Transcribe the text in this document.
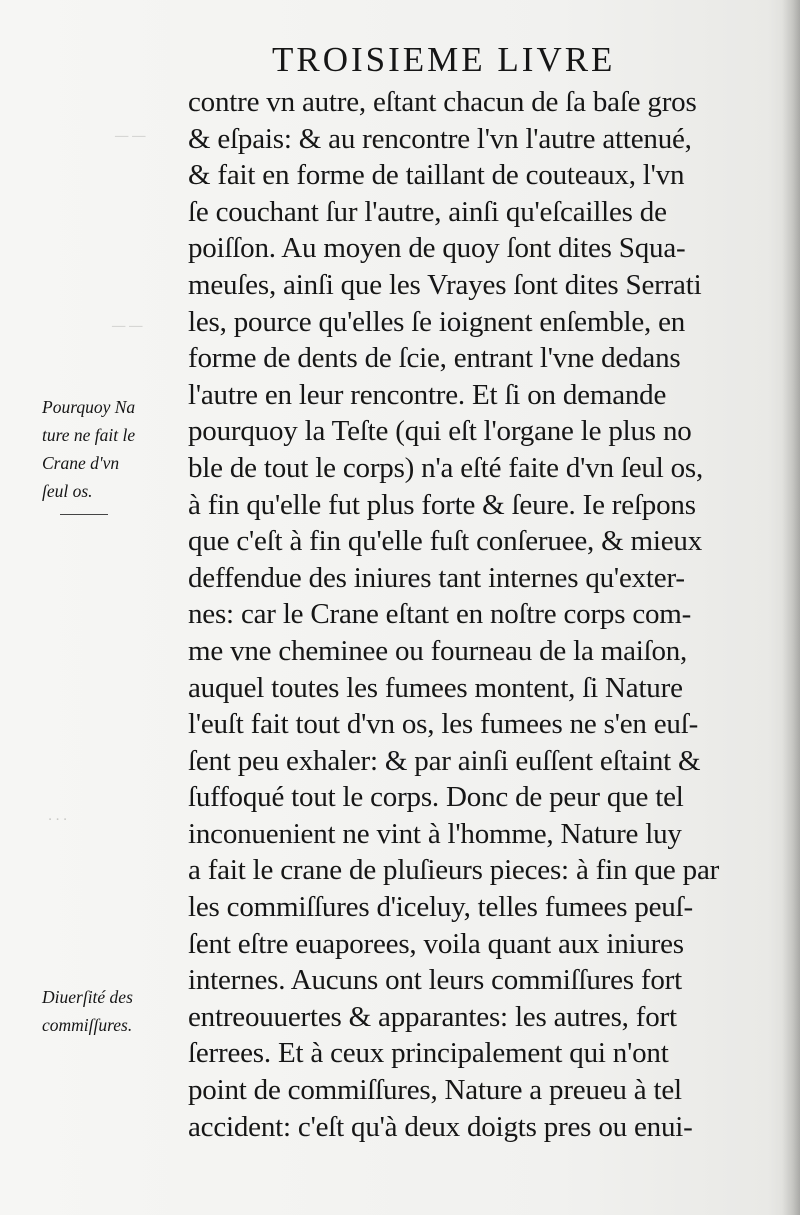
— —
— —
· · ·
TROISIEME LIVRE
contre vn autre, eſtant chacun de ſa baſe gros
& eſpais: & au rencontre l'vn l'autre attenué,
& fait en forme de taillant de couteaux, l'vn
ſe couchant ſur l'autre, ainſi qu'eſcailles de
poiſſon. Au moyen de quoy ſont dites Squa-
meuſes, ainſi que les Vrayes ſont dites Serrati
les, pource qu'elles ſe ioignent enſemble, en
forme de dents de ſcie, entrant l'vne dedans
l'autre en leur rencontre. Et ſi on demande
pourquoy la Teſte (qui eſt l'organe le plus no
ble de tout le corps) n'a eſté faite d'vn ſeul os,
à fin qu'elle fut plus forte & ſeure. Ie reſpons
que c'eſt à fin qu'elle fuſt conſeruee, & mieux
deffendue des iniures tant internes qu'exter-
nes: car le Crane eſtant en noſtre corps com-
me vne cheminee ou fourneau de la maiſon,
auquel toutes les fumees montent, ſi Nature
l'euſt fait tout d'vn os, les fumees ne s'en euſ-
ſent peu exhaler: & par ainſi euſſent eſtaint &
ſuffoqué tout le corps. Donc de peur que tel
inconuenient ne vint à l'homme, Nature luy
a fait le crane de pluſieurs pieces: à fin que par
les commiſſures d'iceluy, telles fumees peuſ-
ſent eſtre euaporees, voila quant aux iniures
internes. Aucuns ont leurs commiſſures fort
entreouuertes & apparantes: les autres, fort
ſerrees. Et à ceux principalement qui n'ont
point de commiſſures, Nature a preueu à tel
accident: c'eſt qu'à deux doigts pres ou enui-
Pourquoy Na
ture ne fait le
Crane d'vn
ſeul os.
Diuerſité des
commiſſures.
